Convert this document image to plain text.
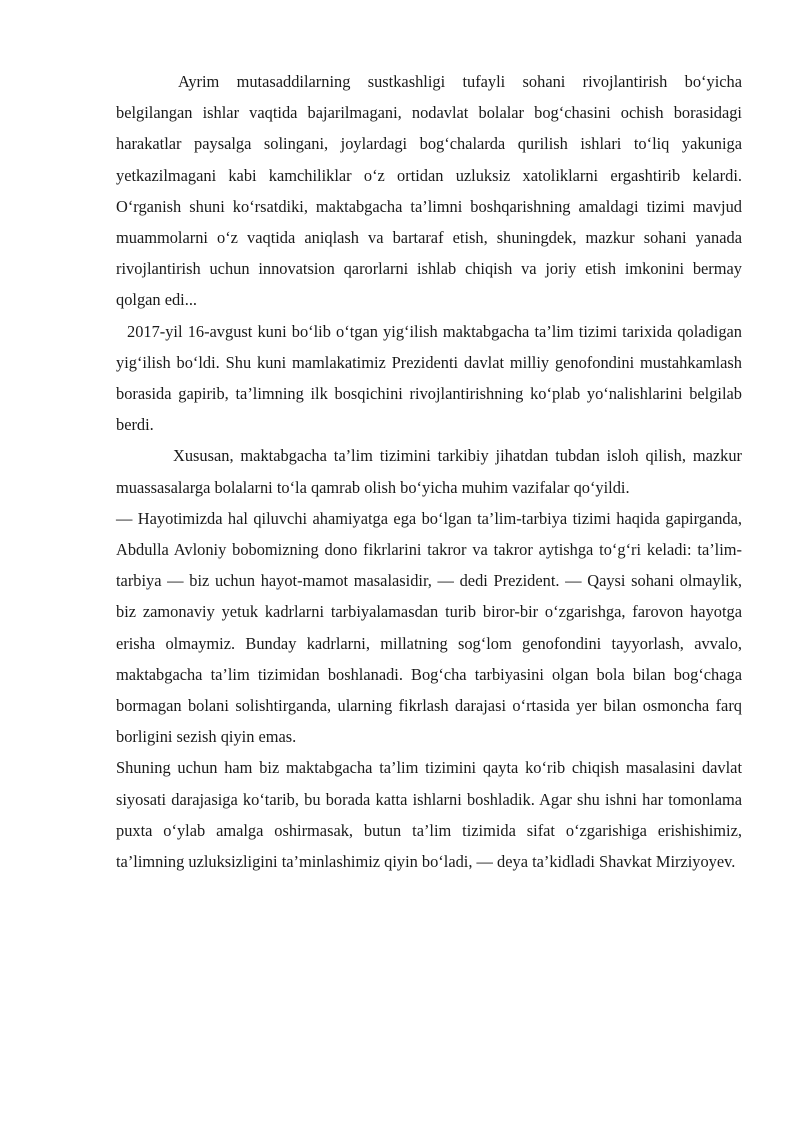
Ayrim mutasaddilarning sustkashligi tufayli sohani rivojlantirish bo‘yicha belgilangan ishlar vaqtida bajarilmagani, nodavlat bolalar bog‘chasini ochish borasidagi harakatlar paysalga solingani, joylardagi bog‘chalarda qurilish ishlari to‘liq yakuniga yetkazilmagani kabi kamchiliklar o‘z ortidan uzluksiz xatoliklarni ergashtirib kelardi. O‘rganish shuni ko‘rsatdiki, maktabgacha ta’limni boshqarishning amaldagi tizimi mavjud muammolarni o‘z vaqtida aniqlash va bartaraf etish, shuningdek, mazkur sohani yanada rivojlantirish uchun innovatsion qarorlarni ishlab chiqish va joriy etish imkonini bermay qolgan edi...

2017-yil 16-avgust kuni bo‘lib o‘tgan yig‘ilish maktabgacha ta’lim tizimi tarixida qoladigan yig‘ilish bo‘ldi. Shu kuni mamlakatimiz Prezidenti davlat milliy genofondini mustahkamlash borasida gapirib, ta’limning ilk bosqichini rivojlantirishning ko‘plab yo‘nalishlarini belgilab berdi.

Xususan, maktabgacha ta’lim tizimini tarkibiy jihatdan tubdan isloh qilish, mazkur muassasalarga bolalarni to‘la qamrab olish bo‘yicha muhim vazifalar qo‘yildi.

— Hayotimizda hal qiluvchi ahamiyatga ega bo‘lgan ta’lim-tarbiya tizimi haqida gapirganda, Abdulla Avloniy bobomizning dono fikrlarini takror va takror aytishga to‘g‘ri keladi: ta’lim-tarbiya — biz uchun hayot-mamot masalasidir, — dedi Prezident. — Qaysi sohani olmaylik, biz zamonaviy yetuk kadrlarni tarbiyalamasdan turib biror-bir o‘zgarishga, farovon hayotga erisha olmaymiz. Bunday kadrlarni, millatning sog‘lom genofondini tayyorlash, avvalo, maktabgacha ta’lim tizimidan boshlanadi. Bog‘cha tarbiyasini olgan bola bilan bog‘chaga bormagan bolani solishtirganda, ularning fikrlash darajasi o‘rtasida yer bilan osmoncha farq borligini sezish qiyin emas.

Shuning uchun ham biz maktabgacha ta’lim tizimini qayta ko‘rib chiqish masalasini davlat siyosati darajasiga ko‘tarib, bu borada katta ishlarni boshladik. Agar shu ishni har tomonlama puxta o‘ylab amalga oshirmasak, butun ta’lim tizimida sifat o‘zgarishiga erishishimiz, ta’limning uzluksizligini ta’minlashimiz qiyin bo‘ladi, — deya ta’kidladi Shavkat Mirziyoyev.
